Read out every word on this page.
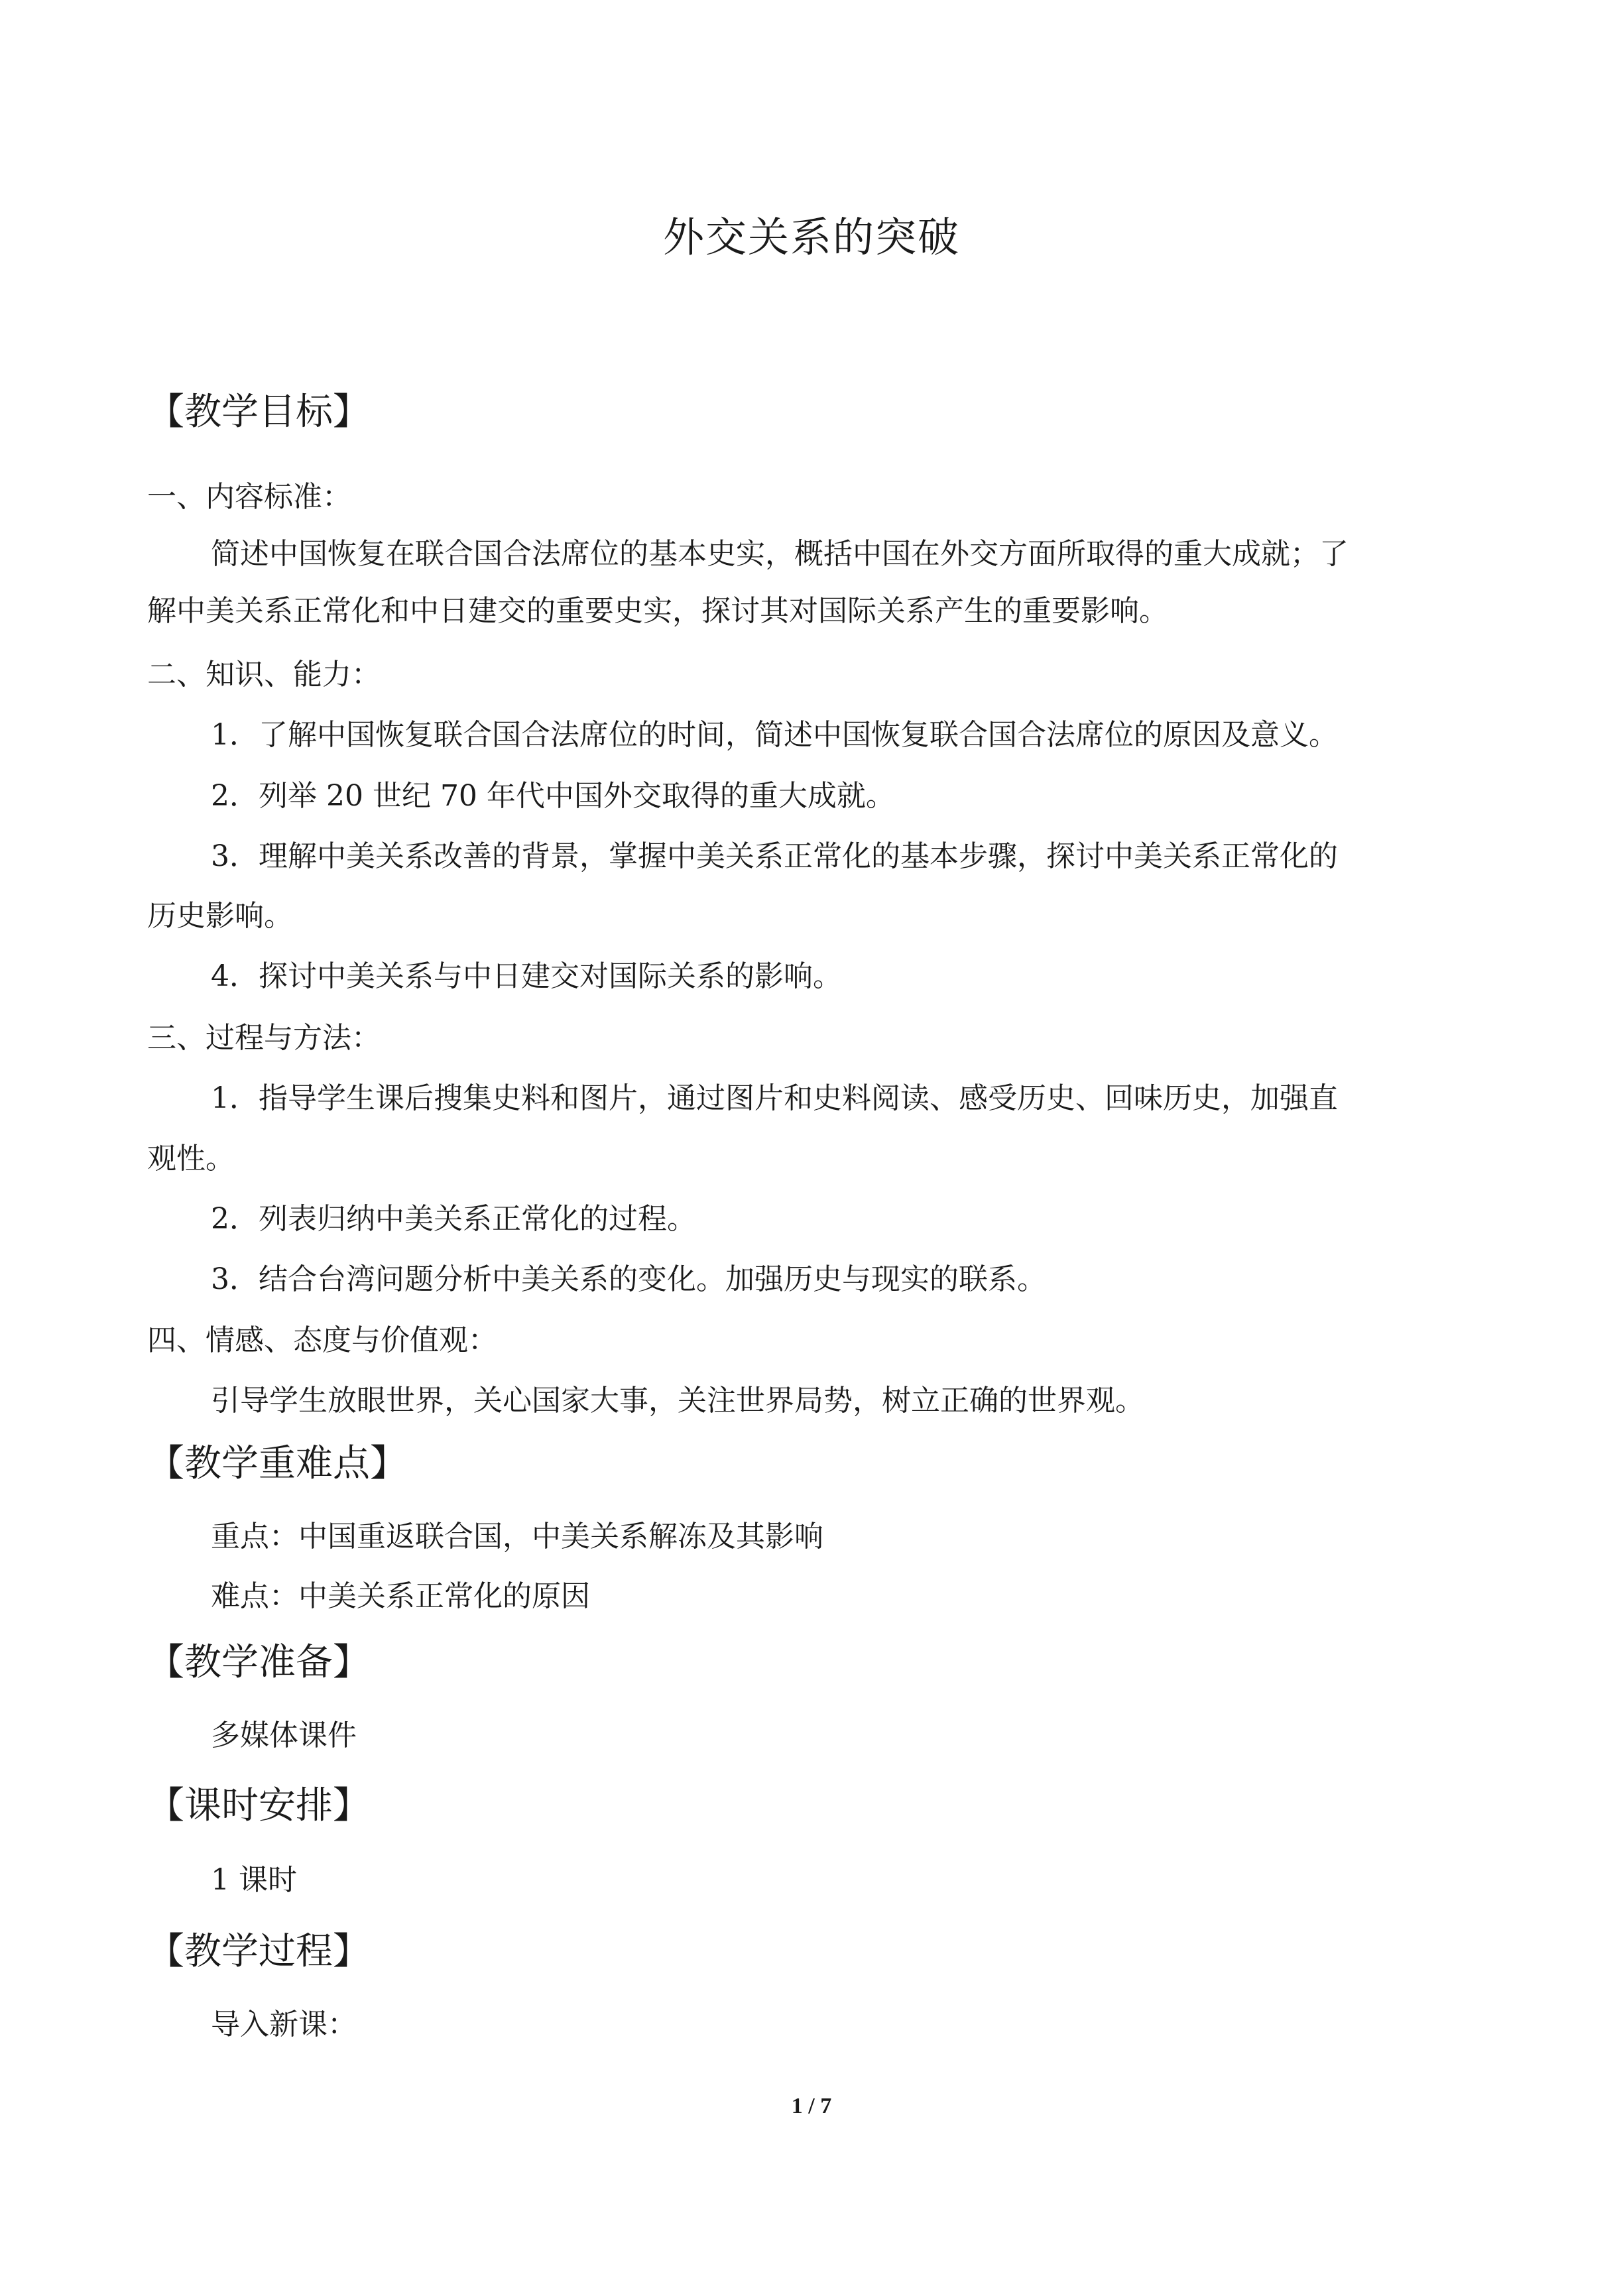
外交关系的突破
【教学目标】
一、内容标准：
简述中国恢复在联合国合法席位的基本史实，概括中国在外交方面所取得的重大成就；了
解中美关系正常化和中日建交的重要史实，探讨其对国际关系产生的重要影响。
二、知识、能力：
1．了解中国恢复联合国合法席位的时间，简述中国恢复联合国合法席位的原因及意义。
2．列举 20 世纪 70 年代中国外交取得的重大成就。
3．理解中美关系改善的背景，掌握中美关系正常化的基本步骤，探讨中美关系正常化的
历史影响。
4．探讨中美关系与中日建交对国际关系的影响。
三、过程与方法：
1．指导学生课后搜集史料和图片，通过图片和史料阅读、感受历史、回味历史，加强直
观性。
2．列表归纳中美关系正常化的过程。
3．结合台湾问题分析中美关系的变化。加强历史与现实的联系。
四、情感、态度与价值观：
引导学生放眼世界，关心国家大事，关注世界局势，树立正确的世界观。
【教学重难点】
重点：中国重返联合国，中美关系解冻及其影响
难点：中美关系正常化的原因
【教学准备】
多媒体课件
【课时安排】
1 课时
【教学过程】
导入新课：
1 / 7
